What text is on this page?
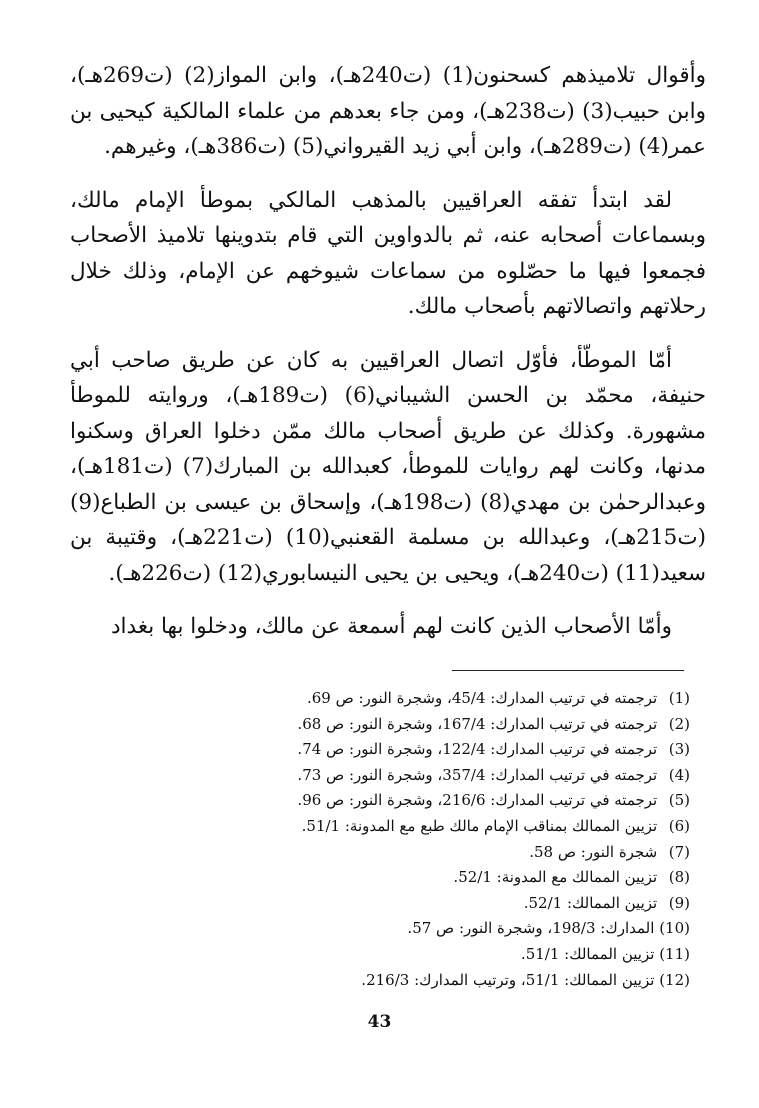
وأقوال تلاميذهم كسحنون(1) (ت240هـ)، وابن المواز(2) (ت269هـ)، وابن حبيب(3) (ت238هـ)، ومن جاء بعدهم من علماء المالكية كيحيى بن عمر(4) (ت289هـ)، وابن أبي زيد القيرواني(5) (ت386هـ)، وغيرهم.

لقد ابتدأ تفقه العراقيين بالمذهب المالكي بموطأ الإمام مالك، وبسماعات أصحابه عنه، ثم بالدواوين التي قام بتدوينها تلاميذ الأصحاب فجمعوا فيها ما حصّلوه من سماعات شيوخهم عن الإمام، وذلك خلال رحلاتهم واتصالاتهم بأصحاب مالك.

أمّا الموطّأ، فأوّل اتصال العراقيين به كان عن طريق صاحب أبي حنيفة، محمّد بن الحسن الشيباني(6) (ت189هـ)، وروايته للموطأ مشهورة. وكذلك عن طريق أصحاب مالك ممّن دخلوا العراق وسكنوا مدنها، وكانت لهم روايات للموطأ، كعبدالله بن المبارك(7) (ت181هـ)، وعبدالرحمٰن بن مهدي(8) (ت198هـ)، وإسحاق بن عيسى بن الطباع(9) (ت215هـ)، وعبدالله بن مسلمة القعنبي(10) (ت221هـ)، وقتيبة بن سعيد(11) (ت240هـ)، ويحيى بن يحيى النيسابوري(12) (ت226هـ).

وأمّا الأصحاب الذين كانت لهم أسمعة عن مالك، ودخلوا بها بغداد

(1) ترجمته في ترتيب المدارك: 45/4، وشجرة النور: ص 69.
(2) ترجمته في ترتيب المدارك: 167/4، وشجرة النور: ص 68.
(3) ترجمته في ترتيب المدارك: 122/4، وشجرة النور: ص 74.
(4) ترجمته في ترتيب المدارك: 357/4، وشجرة النور: ص 73.
(5) ترجمته في ترتيب المدارك: 216/6، وشجرة النور: ص 96.
(6) تزيين الممالك بمناقب الإمام مالك طبع مع المدونة: 51/1.
(7) شجرة النور: ص 58.
(8) تزيين الممالك مع المدونة: 52/1.
(9) تزيين الممالك: 52/1.
(10) المدارك: 198/3، وشجرة النور: ص 57.
(11) تزيين الممالك: 51/1.
(12) تزيين الممالك: 51/1، وترتيب المدارك: 216/3.
43
